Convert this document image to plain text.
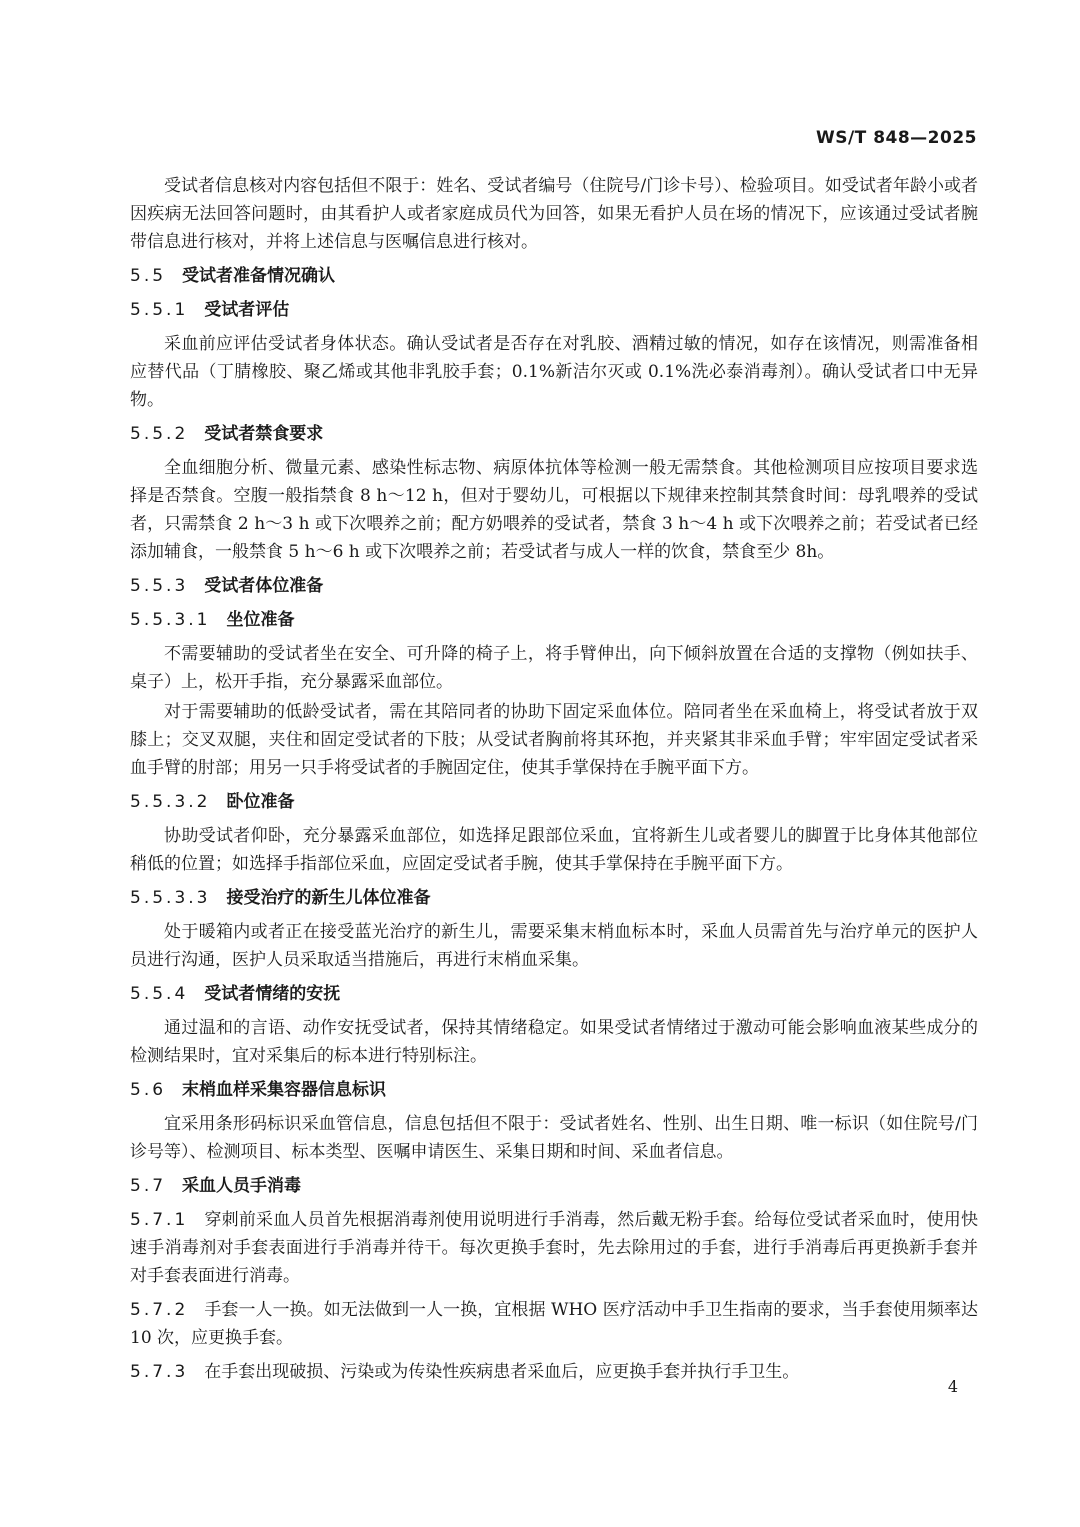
WS/T 848—2025
受试者信息核对内容包括但不限于：姓名、受试者编号（住院号/门诊卡号）、检验项目。如受试者年龄小或者因疾病无法回答问题时，由其看护人或者家庭成员代为回答，如果无看护人员在场的情况下，应该通过受试者腕带信息进行核对，并将上述信息与医嘱信息进行核对。
5.5 受试者准备情况确认
5.5.1 受试者评估
采血前应评估受试者身体状态。确认受试者是否存在对乳胶、酒精过敏的情况，如存在该情况，则需准备相应替代品（丁腈橡胶、聚乙烯或其他非乳胶手套；0.1%新洁尔灭或 0.1%洗必泰消毒剂）。确认受试者口中无异物。
5.5.2 受试者禁食要求
全血细胞分析、微量元素、感染性标志物、病原体抗体等检测一般无需禁食。其他检测项目应按项目要求选择是否禁食。空腹一般指禁食 8 h～12 h，但对于婴幼儿，可根据以下规律来控制其禁食时间：母乳喂养的受试者，只需禁食 2 h～3 h 或下次喂养之前；配方奶喂养的受试者，禁食 3 h～4 h 或下次喂养之前；若受试者已经添加辅食，一般禁食 5 h～6 h 或下次喂养之前；若受试者与成人一样的饮食，禁食至少 8h。
5.5.3 受试者体位准备
5.5.3.1 坐位准备
不需要辅助的受试者坐在安全、可升降的椅子上，将手臂伸出，向下倾斜放置在合适的支撑物（例如扶手、桌子）上，松开手指，充分暴露采血部位。
对于需要辅助的低龄受试者，需在其陪同者的协助下固定采血体位。陪同者坐在采血椅上，将受试者放于双膝上；交叉双腿，夹住和固定受试者的下肢；从受试者胸前将其环抱，并夹紧其非采血手臂；牢牢固定受试者采血手臂的肘部；用另一只手将受试者的手腕固定住，使其手掌保持在手腕平面下方。
5.5.3.2 卧位准备
协助受试者仰卧，充分暴露采血部位，如选择足跟部位采血，宜将新生儿或者婴儿的脚置于比身体其他部位稍低的位置；如选择手指部位采血，应固定受试者手腕，使其手掌保持在手腕平面下方。
5.5.3.3 接受治疗的新生儿体位准备
处于暖箱内或者正在接受蓝光治疗的新生儿，需要采集末梢血标本时，采血人员需首先与治疗单元的医护人员进行沟通，医护人员采取适当措施后，再进行末梢血采集。
5.5.4 受试者情绪的安抚
通过温和的言语、动作安抚受试者，保持其情绪稳定。如果受试者情绪过于激动可能会影响血液某些成分的检测结果时，宜对采集后的标本进行特别标注。
5.6 末梢血样采集容器信息标识
宜采用条形码标识采血管信息，信息包括但不限于：受试者姓名、性别、出生日期、唯一标识（如住院号/门诊号等）、检测项目、标本类型、医嘱申请医生、采集日期和时间、采血者信息。
5.7 采血人员手消毒
5.7.1 穿刺前采血人员首先根据消毒剂使用说明进行手消毒，然后戴无粉手套。给每位受试者采血时，使用快速手消毒剂对手套表面进行手消毒并待干。每次更换手套时，先去除用过的手套，进行手消毒后再更换新手套并对手套表面进行消毒。
5.7.2 手套一人一换。如无法做到一人一换，宜根据 WHO 医疗活动中手卫生指南的要求，当手套使用频率达 10 次，应更换手套。
5.7.3 在手套出现破损、污染或为传染性疾病患者采血后，应更换手套并执行手卫生。
4
